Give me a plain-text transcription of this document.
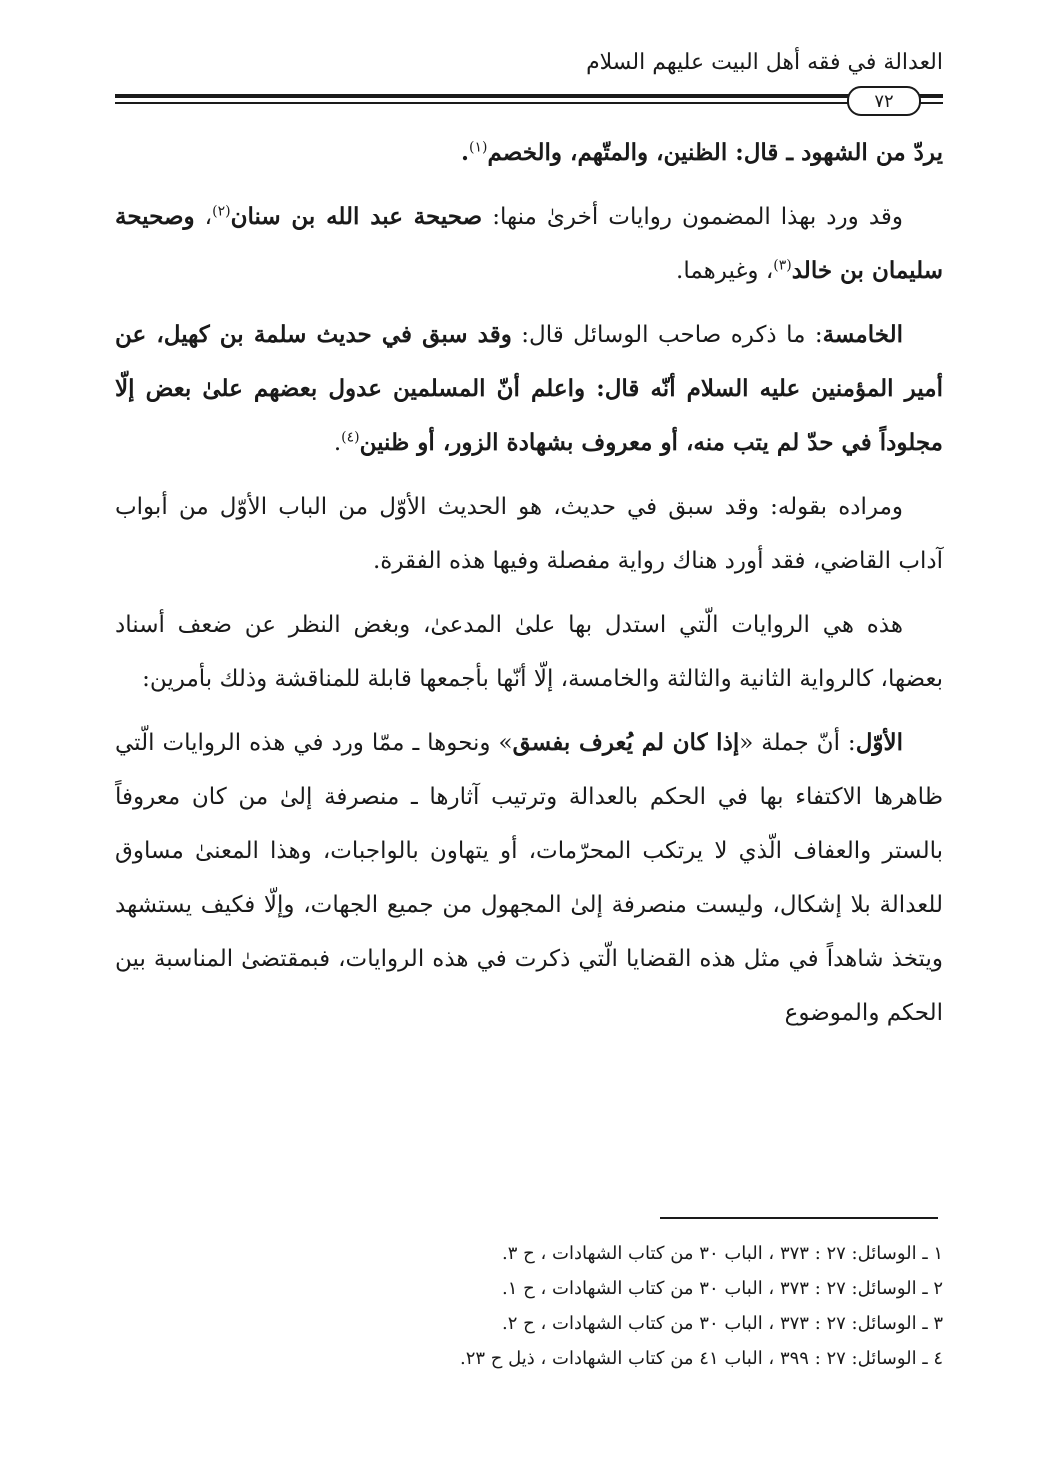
العدالة في فقه أهل البيت عليهم السلام
٧٢

يردّ من الشهود ـ قال: الظنين، والمتّهم، والخصم$^{(١)}$.

وقد ورد بهذا المضمون روايات أخرىٰ منها: صحيحة عبد الله بن سنان$^{(٢)}$، وصحيحة سليمان بن خالد$^{(٣)}$، وغيرهما.

الخامسة: ما ذكره صاحب الوسائل قال: وقد سبق في حديث سلمة بن كهيل، عن أمير المؤمنين عليه السلام أنّه قال: واعلم أنّ المسلمين عدول بعضهم علىٰ بعض إلّا مجلوداً في حدّ لم يتب منه، أو معروف بشهادة الزور، أو ظنين$^{(٤)}$.

ومراده بقوله: وقد سبق في حديث، هو الحديث الأوّل من الباب الأوّل من أبواب آداب القاضي، فقد أورد هناك رواية مفصلة وفيها هذه الفقرة.

هذه هي الروايات الّتي استدل بها علىٰ المدعىٰ، وبغض النظر عن ضعف أسناد بعضها، كالرواية الثانية والثالثة والخامسة، إلّا أنّها بأجمعها قابلة للمناقشة وذلك بأمرين:

الأوّل: أنّ جملة «إذا كان لم يُعرف بفسق» ونحوها ـ ممّا ورد في هذه الروايات الّتي ظاهرها الاكتفاء بها في الحكم بالعدالة وترتيب آثارها ـ منصرفة إلىٰ من كان معروفاً بالستر والعفاف الّذي لا يرتكب المحرّمات، أو يتهاون بالواجبات، وهذا المعنىٰ مساوق للعدالة بلا إشكال، وليست منصرفة إلىٰ المجهول من جميع الجهات، وإلّا فكيف يستشهد ويتخذ شاهداً في مثل هذه القضايا الّتي ذكرت في هذه الروايات، فبمقتضىٰ المناسبة بين الحكم والموضوع

١ ـ الوسائل: ٢٧ : ٣٧٣ ، الباب ٣٠ من كتاب الشهادات ، ح ٣.

٢ ـ الوسائل: ٢٧ : ٣٧٣ ، الباب ٣٠ من كتاب الشهادات ، ح ١.

٣ ـ الوسائل: ٢٧ : ٣٧٣ ، الباب ٣٠ من كتاب الشهادات ، ح ٢.

٤ ـ الوسائل: ٢٧ : ٣٩٩ ، الباب ٤١ من كتاب الشهادات ، ذيل ح ٢٣.
